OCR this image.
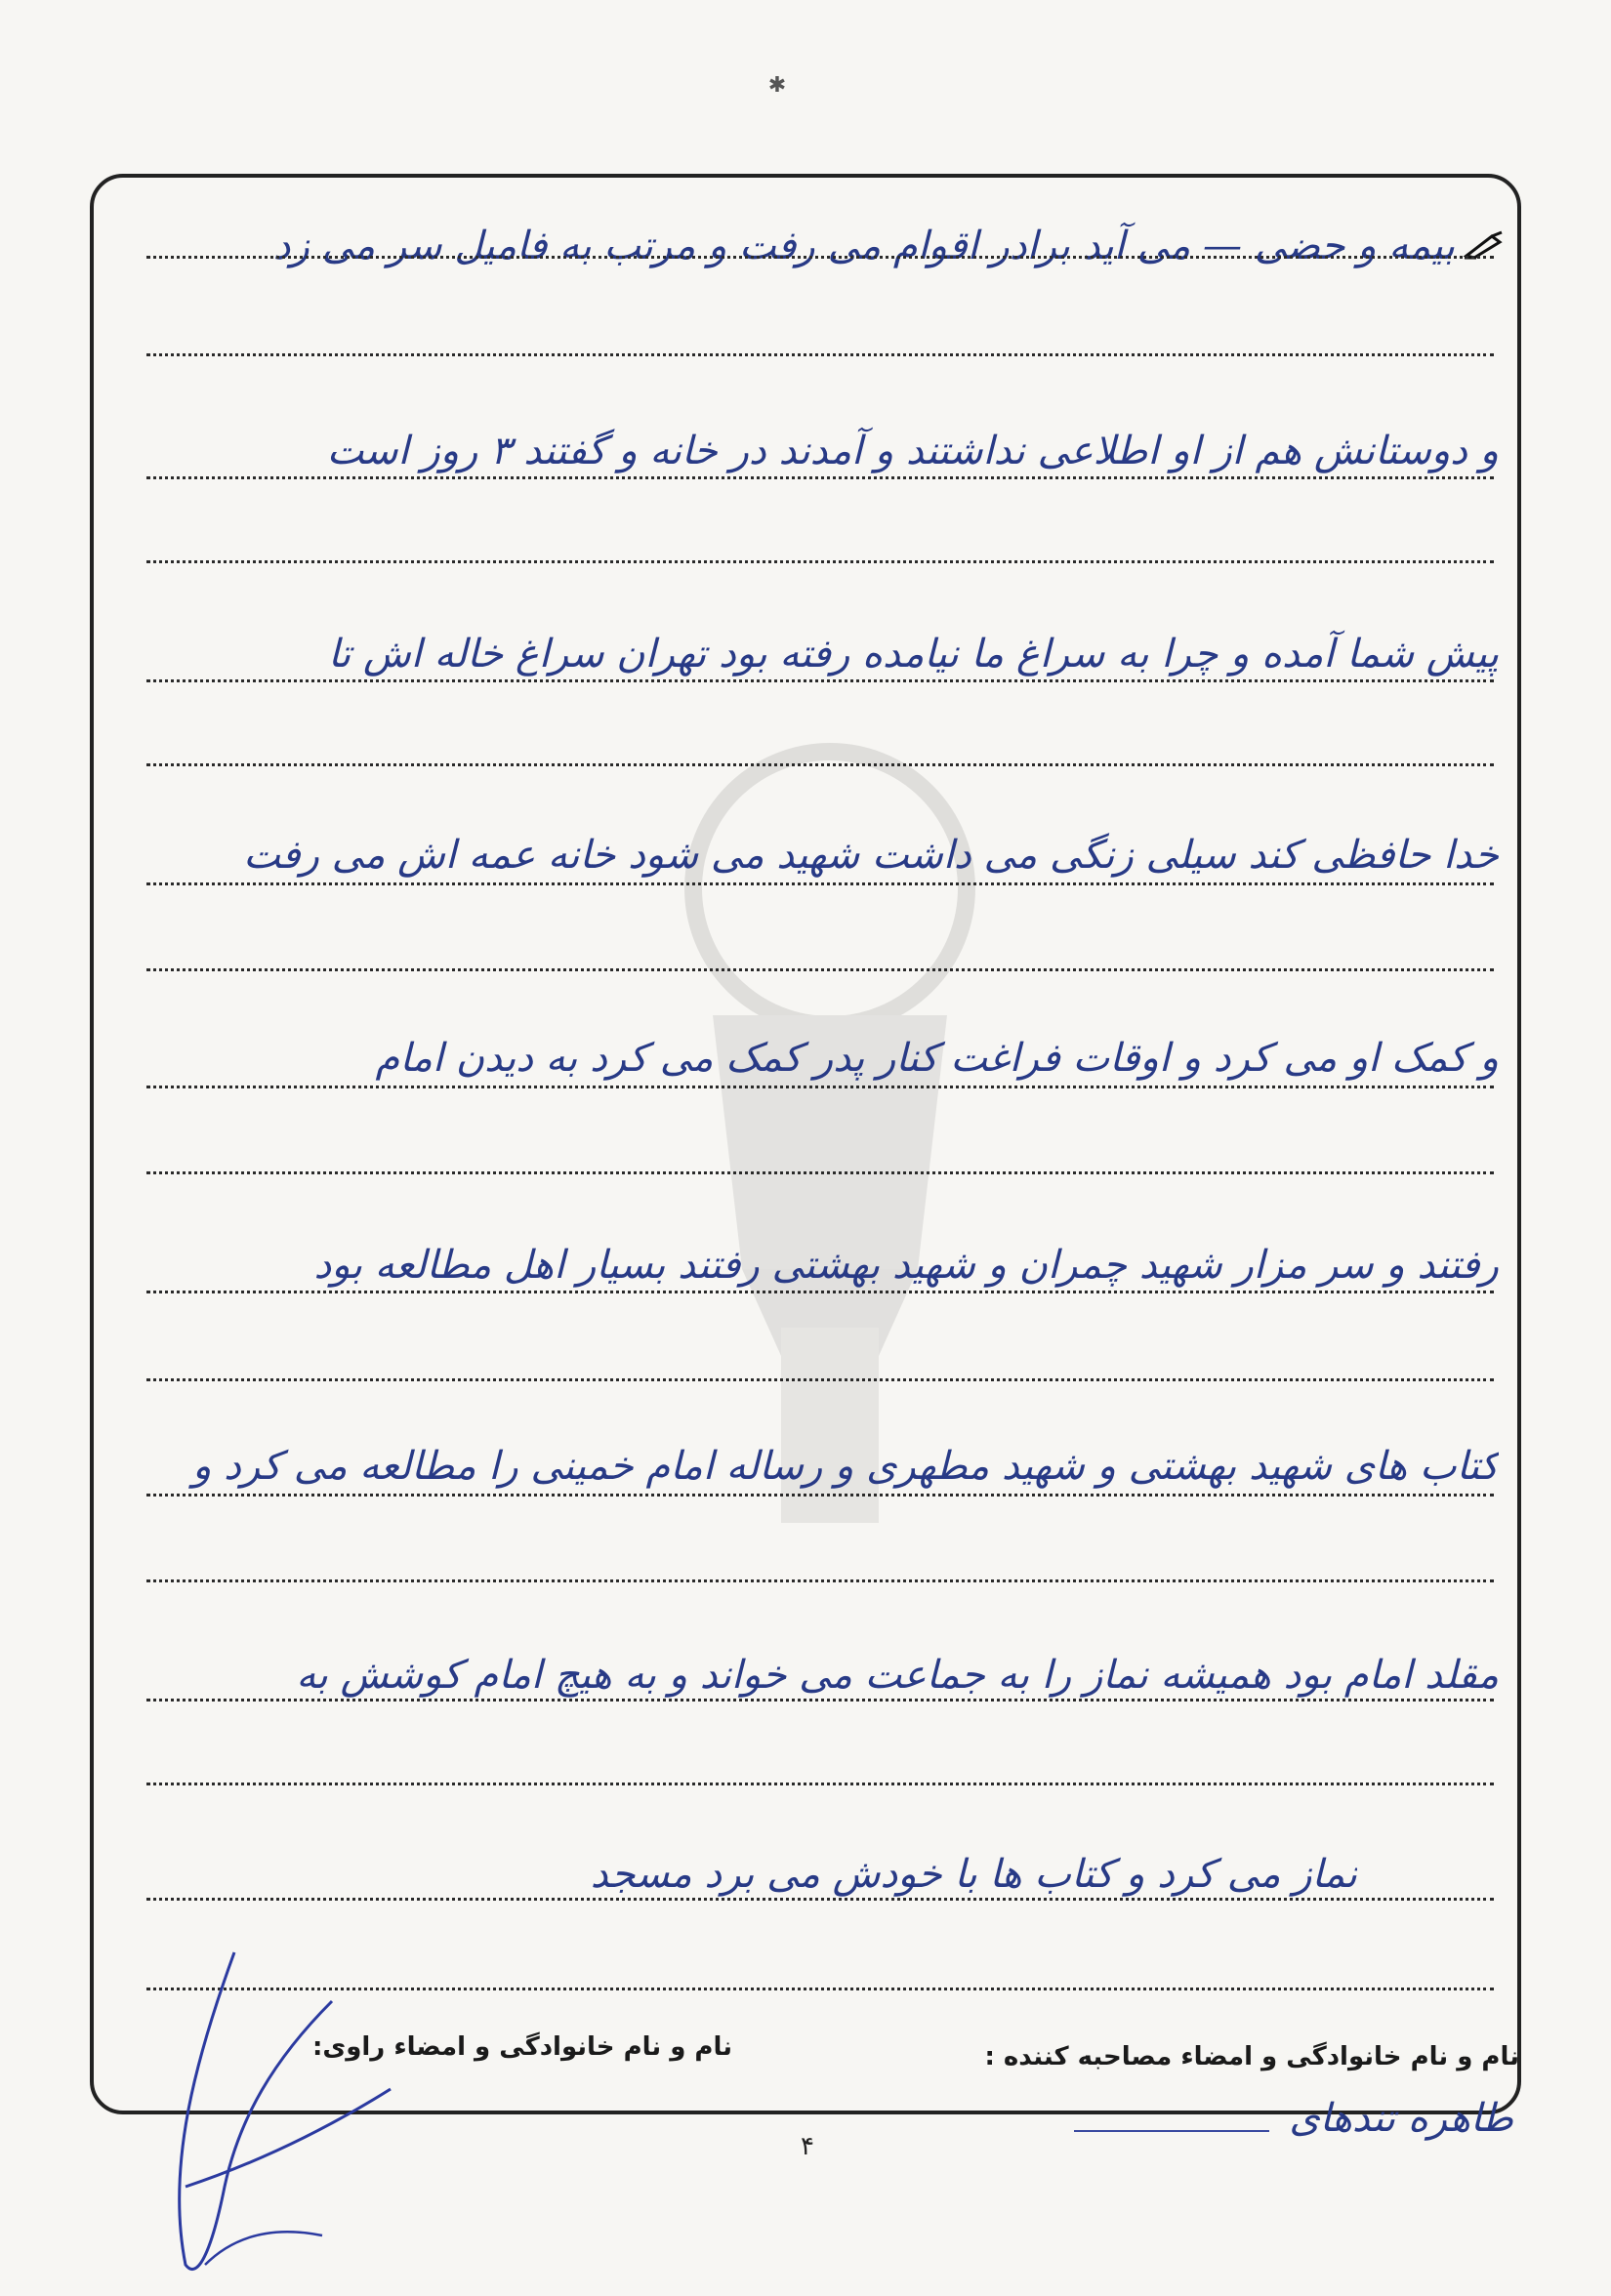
✱
بیمه و حضی — می آید برادر اقوام می رفت و مرتب به فامیل سر می زد
و دوستانش هم از او اطلاعی نداشتند و آمدند در خانه و گفتند ۳ روز است
پیش شما آمده و چرا به سراغ ما نیامده رفته بود تهران سراغ خاله اش تا
خدا حافظی کند سیلی زنگی می داشت شهید می شود خانه عمه اش می رفت
و کمک او می کرد و اوقات فراغت کنار پدر کمک می کرد به دیدن امام
رفتند و سر مزار شهید چمران و شهید بهشتی رفتند بسیار اهل مطالعه بود
کتاب های شهید بهشتی و شهید مطهری و رساله امام خمینی را مطالعه می کرد و
مقلد امام بود همیشه نماز را به جماعت می خواند و به هیچ امام کوشش به
نماز می کرد و کتاب ها با خودش می برد مسجد
نام و نام خانوادگی و امضاء مصاحبه کننده :
نام و نام خانوادگی و امضاء راوی:
طاهره تندهای
۴
